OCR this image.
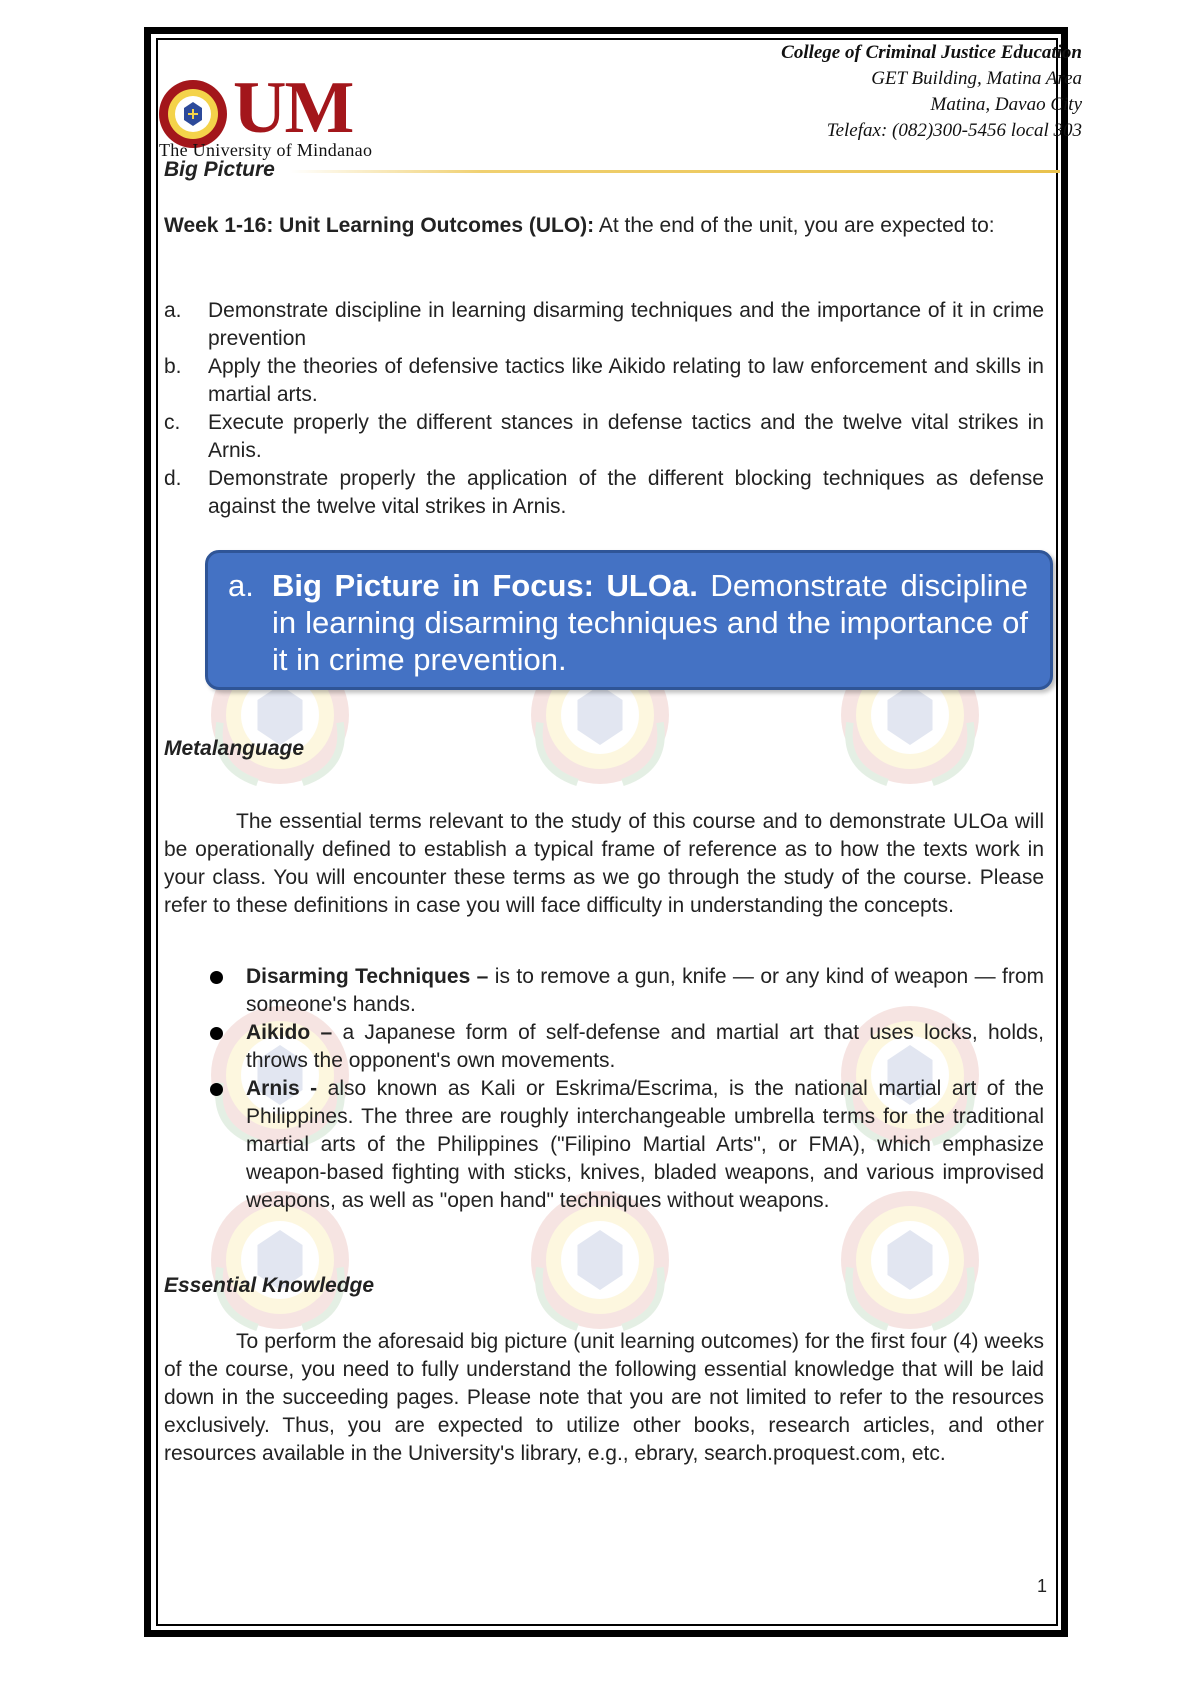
UM
The University of Mindanao
College of Criminal Justice Education
GET Building, Matina Area
Matina, Davao City
Telefax: (082)300-5456 local 303
Big Picture

Week 1-16: Unit Learning Outcomes (ULO): At the end of the unit, you are expected to:

a.	Demonstrate discipline in learning disarming techniques and the importance of it in crime prevention
b.	Apply the theories of defensive tactics like Aikido relating to law enforcement and skills in martial arts.
c.	Execute properly the different stances in defense tactics and the twelve vital strikes in Arnis.
d.	Demonstrate properly the application of the different blocking techniques as defense against the twelve vital strikes in Arnis.
a. Big Picture in Focus: ULOa. Demonstrate discipline in learning disarming techniques and the importance of it in crime prevention.
Metalanguage

The essential terms relevant to the study of this course and to demonstrate ULOa will be operationally defined to establish a typical frame of reference as to how the texts work in your class. You will encounter these terms as we go through the study of the course. Please refer to these definitions in case you will face difficulty in understanding the concepts.

Disarming Techniques – is to remove a gun, knife — or any kind of weapon — from someone's hands.
Aikido – a Japanese form of self-defense and martial art that uses locks, holds, throws the opponent's own movements.
Arnis - also known as Kali or Eskrima/Escrima, is the national martial art of the Philippines. The three are roughly interchangeable umbrella terms for the traditional martial arts of the Philippines ("Filipino Martial Arts", or FMA), which emphasize weapon-based fighting with sticks, knives, bladed weapons, and various improvised weapons, as well as "open hand" techniques without weapons.
Essential Knowledge

To perform the aforesaid big picture (unit learning outcomes) for the first four (4) weeks of the course, you need to fully understand the following essential knowledge that will be laid down in the succeeding pages. Please note that you are not limited to refer to the resources exclusively. Thus, you are expected to utilize other books, research articles, and other resources available in the University's library, e.g., ebrary, search.proquest.com, etc.

1
